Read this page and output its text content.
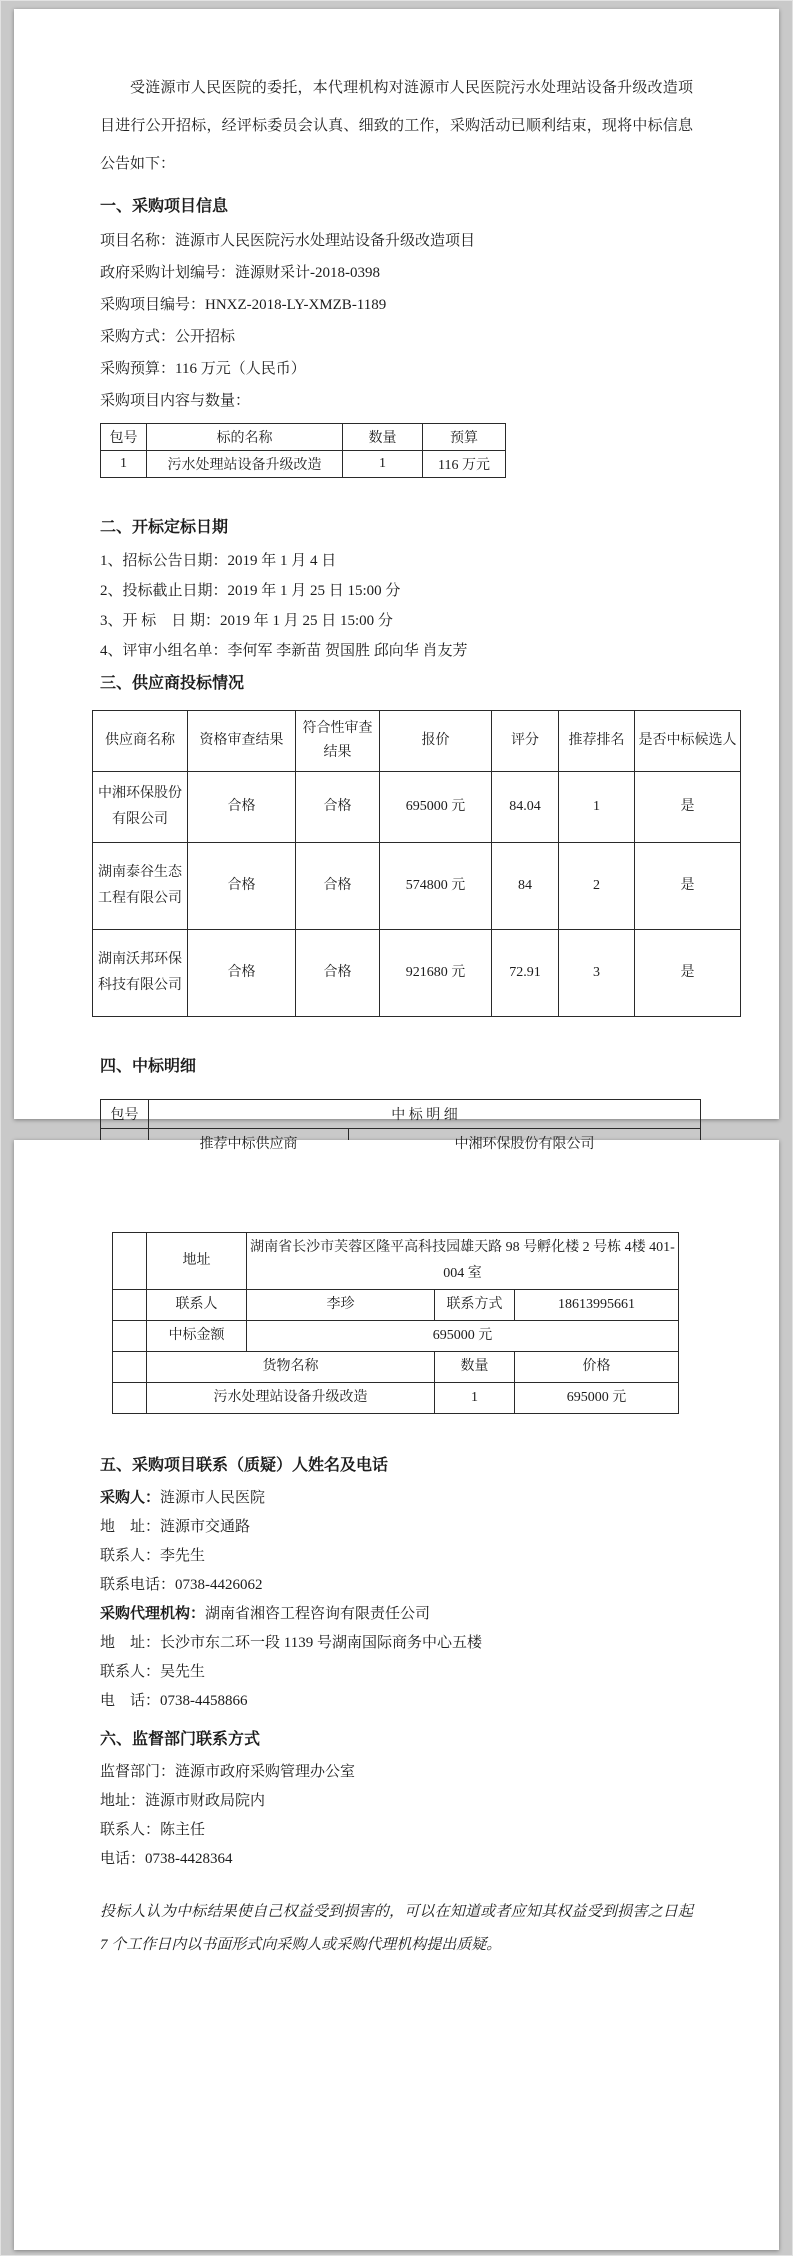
受涟源市人民医院的委托，本代理机构对涟源市人民医院污水处理站设备升级改造项目进行公开招标，经评标委员会认真、细致的工作，采购活动已顺利结束，现将中标信息公告如下：

一、采购项目信息

项目名称：涟源市人民医院污水处理站设备升级改造项目

政府采购计划编号：涟源财采计-2018-0398

采购项目编号：HNXZ-2018-LY-XMZB-1189

采购方式：公开招标

采购预算：116 万元（人民币）

采购项目内容与数量：

包号	标的名称	数量	预算
1	污水处理站设备升级改造	1	116 万元

二、开标定标日期

1、招标公告日期：2019 年 1 月 4 日

2、投标截止日期：2019 年 1 月 25 日 15:00 分

3、开 标　日 期：2019 年 1 月 25 日 15:00 分

4、评审小组名单：李何军 李新苗 贺国胜 邱向华 肖友芳

三、供应商投标情况

供应商名称	资格审查结果	符合性审查结果	报价	评分	推荐排名	是否中标候选人
中湘环保股份有限公司	合格	合格	695000 元	84.04	1	是
湖南泰谷生态工程有限公司	合格	合格	574800 元	84	2	是
湖南沃邦环保科技有限公司	合格	合格	921680 元	72.91	3	是

四、中标明细

包号	中 标 明 细	
	推荐中标供应商	中湘环保股份有限公司
	地址	湖南省长沙市芙蓉区隆平高科技园雄天路 98 号孵化楼 2 号栋 4楼 401-004 室		
	联系人	李珍	联系方式	18613995661
	中标金额	695000 元		
	货物名称		数量	价格
	污水处理站设备升级改造		1	695000 元

五、采购项目联系（质疑）人姓名及电话

采购人：涟源市人民医院

地　址：涟源市交通路

联系人：李先生

联系电话：0738-4426062

采购代理机构：湖南省湘咨工程咨询有限责任公司

地　址：长沙市东二环一段 1139 号湖南国际商务中心五楼

联系人：吴先生

电　话：0738-4458866

六、监督部门联系方式

监督部门：涟源市政府采购管理办公室

地址：涟源市财政局院内

联系人：陈主任

电话：0738-4428364

投标人认为中标结果使自己权益受到损害的，可以在知道或者应知其权益受到损害之日起 7 个工作日内以书面形式向采购人或采购代理机构提出质疑。
